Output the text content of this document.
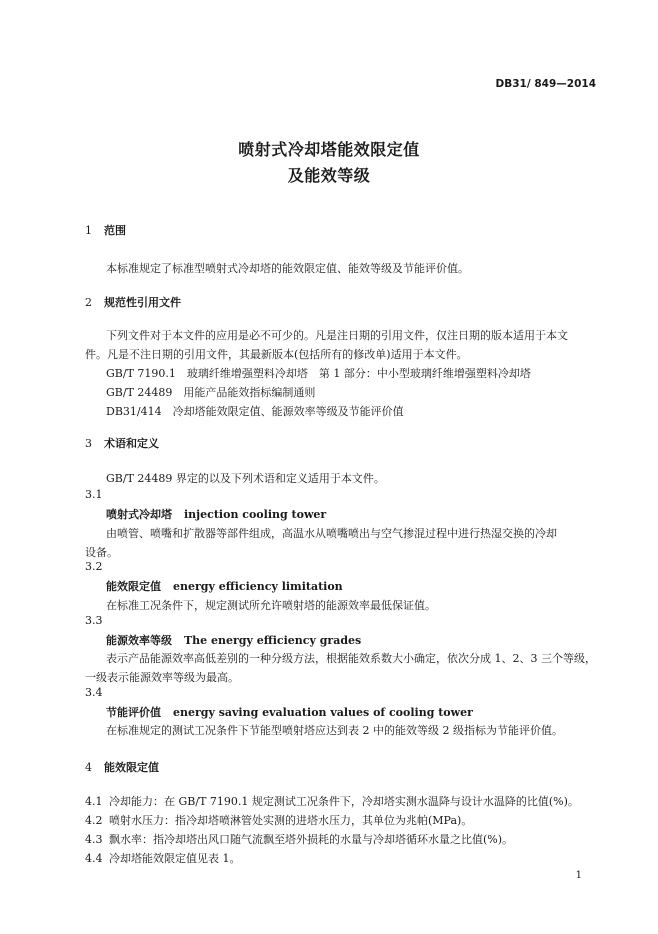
DB31/ 849—2014
喷射式冷却塔能效限定值
及能效等级
1 范围
本标准规定了标准型喷射式冷却塔的能效限定值、能效等级及节能评价值。
2 规范性引用文件
下列文件对于本文件的应用是必不可少的。凡是注日期的引用文件，仅注日期的版本适用于本文
件。凡是不注日期的引用文件，其最新版本(包括所有的修改单)适用于本文件。
GB/T 7190.1　玻璃纤维增强塑料冷却塔　第 1 部分：中小型玻璃纤维增强塑料冷却塔
GB/T 24489　用能产品能效指标编制通则
DB31/414　冷却塔能效限定值、能源效率等级及节能评价值
3 术语和定义
GB/T 24489 界定的以及下列术语和定义适用于本文件。
3.1
喷射式冷却塔 injection cooling tower
由喷管、喷嘴和扩散器等部件组成，高温水从喷嘴喷出与空气掺混过程中进行热湿交换的冷却
设备。
3.2
能效限定值 energy efficiency limitation
在标准工况条件下，规定测试所允许喷射塔的能源效率最低保证值。
3.3
能源效率等级 The energy efficiency grades
表示产品能源效率高低差别的一种分级方法，根据能效系数大小确定，依次分成 1、2、3 三个等级，
一级表示能源效率等级为最高。
3.4
节能评价值 energy saving evaluation values of cooling tower
在标准规定的测试工况条件下节能型喷射塔应达到表 2 中的能效等级 2 级指标为节能评价值。
4 能效限定值
4.1 冷却能力：在 GB/T 7190.1 规定测试工况条件下，冷却塔实测水温降与设计水温降的比值(%)。
4.2 喷射水压力：指冷却塔喷淋管处实测的进塔水压力，其单位为兆帕(MPa)。
4.3 飘水率：指冷却塔出风口随气流飘至塔外损耗的水量与冷却塔循环水量之比值(%)。
4.4 冷却塔能效限定值见表 1。
1
